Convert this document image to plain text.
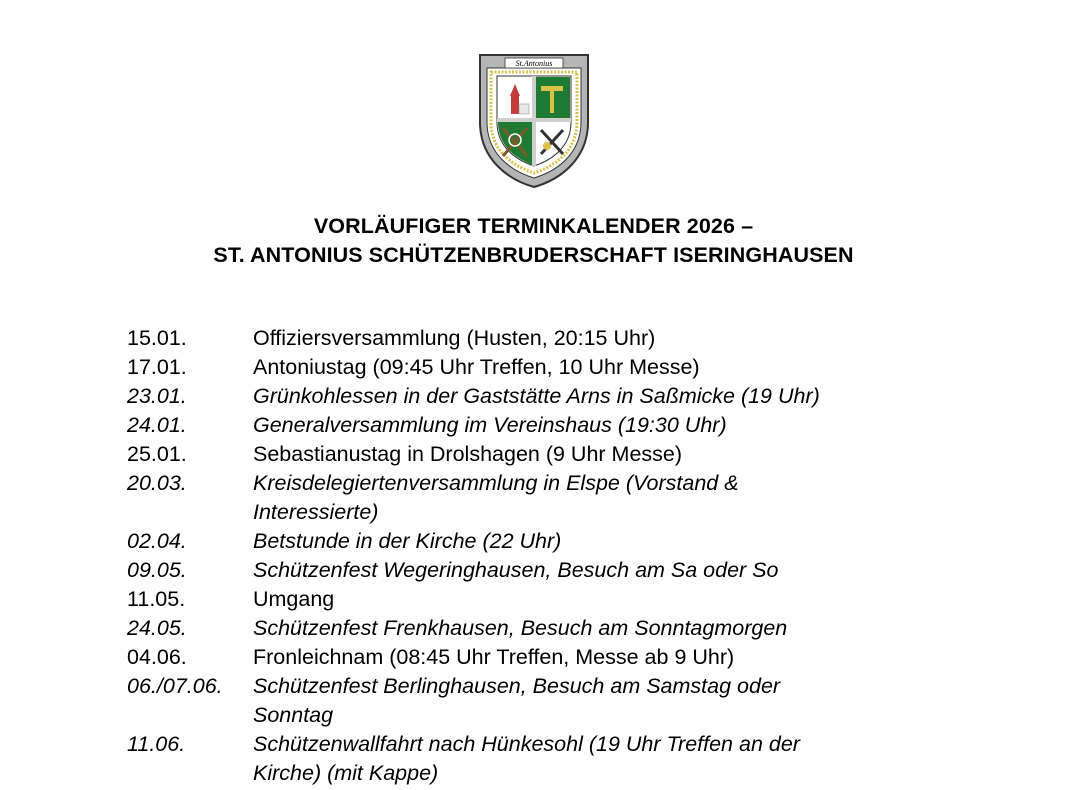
St.Antonius
VORLÄUFIGER TERMINKALENDER 2026 –
ST. ANTONIUS SCHÜTZENBRUDERSCHAFT ISERINGHAUSEN
15.01.	Offiziersversammlung (Husten, 20:15 Uhr)
17.01.	Antoniustag (09:45 Uhr Treffen, 10 Uhr Messe)
23.01.	Grünkohlessen in der Gaststätte Arns in Saßmicke (19 Uhr)
24.01.	Generalversammlung im Vereinshaus (19:30 Uhr)
25.01.	Sebastianustag in Drolshagen (9 Uhr Messe)
20.03.	Kreisdelegiertenversammlung in Elspe (Vorstand &
Interessierte)
02.04.	Betstunde in der Kirche (22 Uhr)
09.05.	Schützenfest Wegeringhausen, Besuch am Sa oder So
11.05.	Umgang
24.05.	Schützenfest Frenkhausen, Besuch am Sonntagmorgen
04.06.	Fronleichnam (08:45 Uhr Treffen, Messe ab 9 Uhr)
06./07.06.	Schützenfest Berlinghausen, Besuch am Samstag oder
Sonntag
11.06.	Schützenwallfahrt nach Hünkesohl (19 Uhr Treffen an der
Kirche) (mit Kappe)
